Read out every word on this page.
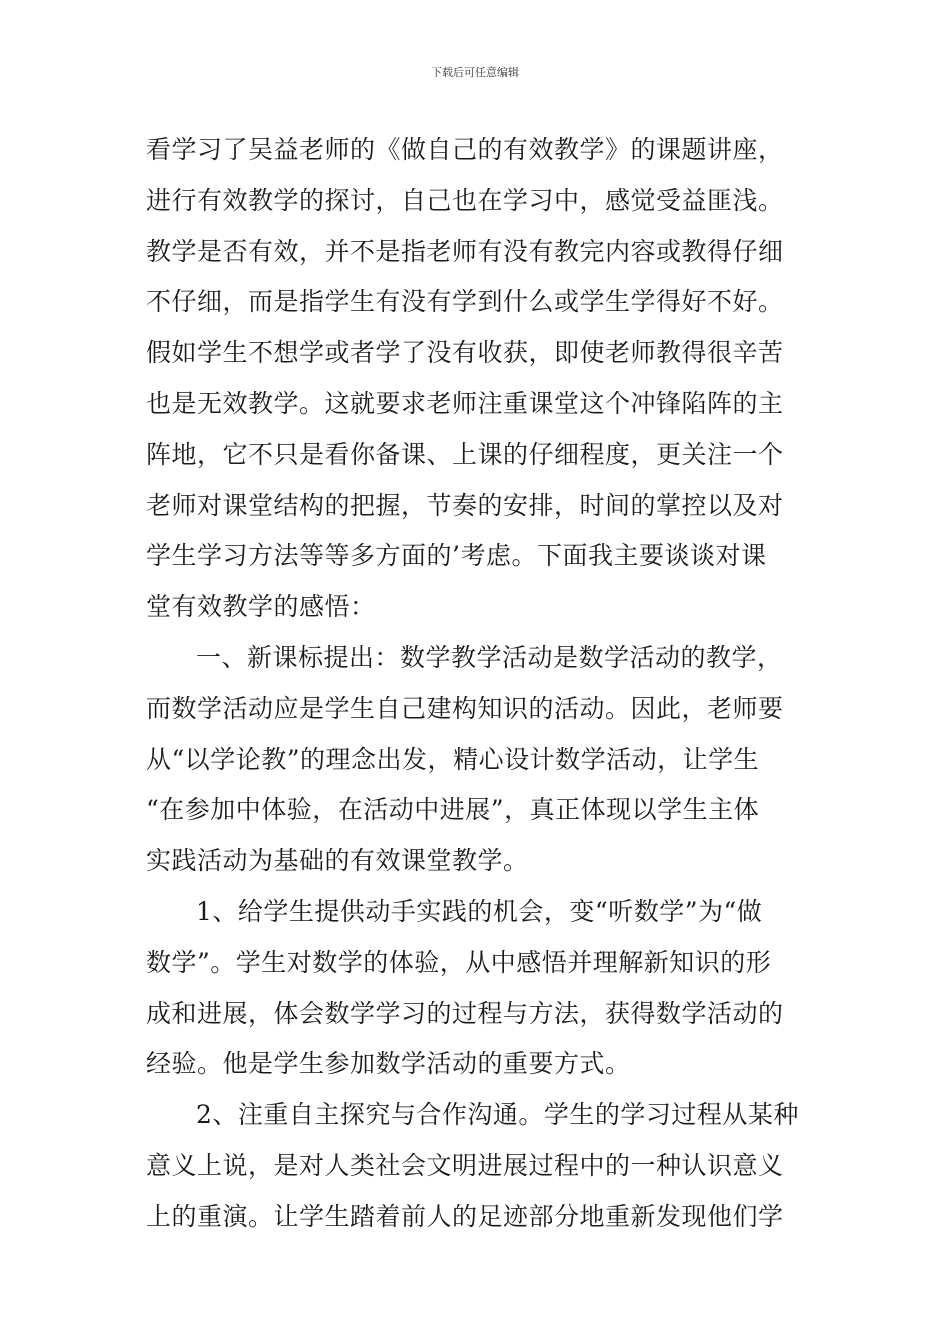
下载后可任意编辑
看学习了吴益老师的《做自己的有效教学》的课题讲座，
进行有效教学的探讨，自己也在学习中，感觉受益匪浅。
教学是否有效，并不是指老师有没有教完内容或教得仔细
不仔细，而是指学生有没有学到什么或学生学得好不好。
假如学生不想学或者学了没有收获，即使老师教得很辛苦
也是无效教学。这就要求老师注重课堂这个冲锋陷阵的主
阵地，它不只是看你备课、上课的仔细程度，更关注一个
老师对课堂结构的把握，节奏的安排，时间的掌控以及对
学生学习方法等等多方面的’考虑。下面我主要谈谈对课
堂有效教学的感悟：
一、新课标提出：数学教学活动是数学活动的教学，
而数学活动应是学生自己建构知识的活动。因此，老师要
从“以学论教”的理念出发，精心设计数学活动，让学生
“在参加中体验，在活动中进展”，真正体现以学生主体
实践活动为基础的有效课堂教学。
1、给学生提供动手实践的机会，变“听数学”为“做
数学”。学生对数学的体验，从中感悟并理解新知识的形
成和进展，体会数学学习的过程与方法，获得数学活动的
经验。他是学生参加数学活动的重要方式。
2、注重自主探究与合作沟通。学生的学习过程从某种
意义上说，是对人类社会文明进展过程中的一种认识意义
上的重演。让学生踏着前人的足迹部分地重新发现他们学
